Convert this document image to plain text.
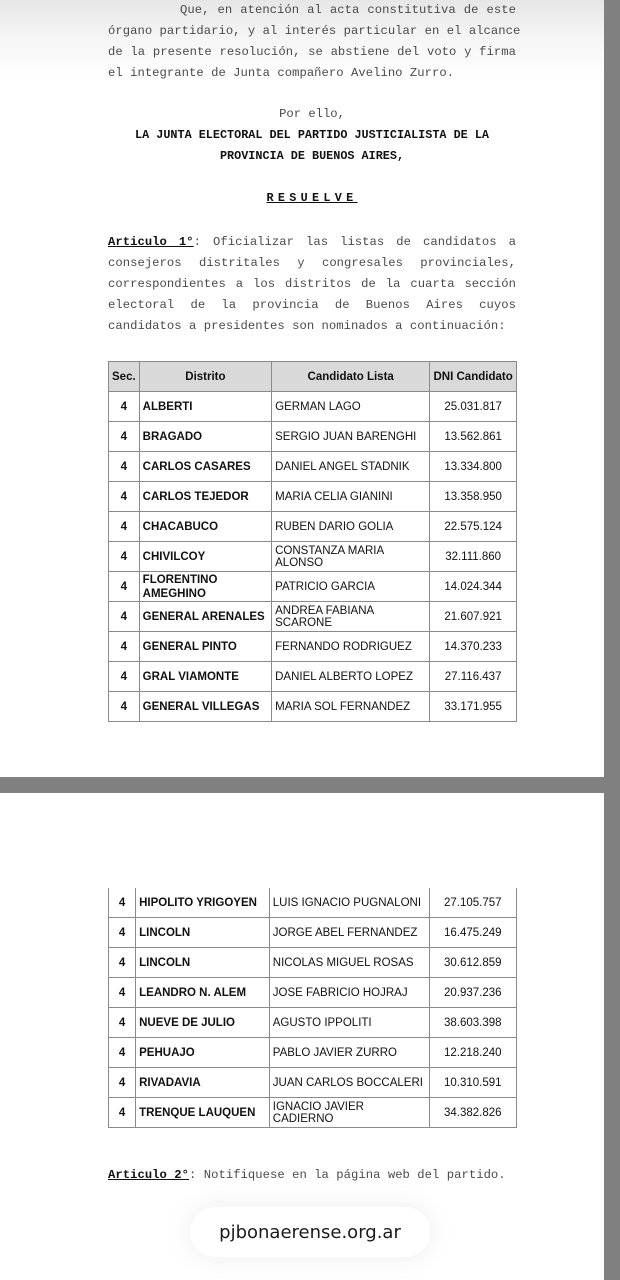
Que, en atención al acta constitutiva de este
órgano partidario, y al interés particular en el alcance
de la presente resolución, se abstiene del voto y firma
el integrante de Junta compañero Avelino Zurro.
Por ello,
LA JUNTA ELECTORAL DEL PARTIDO JUSTICIALISTA DE LA
PROVINCIA DE BUENOS AIRES,
RESUELVE
Articulo 1°: Oficializar las listas de candidatos a
consejeros distritales y congresales provinciales,
correspondientes a los distritos de la cuarta sección
electoral de la provincia de Buenos Aires cuyos
candidatos a presidentes son nominados a continuación:
Sec.	Distrito	Candidato Lista	DNI Candidato
4	ALBERTI	GERMAN LAGO	25.031.817
4	BRAGADO	SERGIO JUAN BARENGHI	13.562.861
4	CARLOS CASARES	DANIEL ANGEL STADNIK	13.334.800
4	CARLOS TEJEDOR	MARIA CELIA GIANINI	13.358.950
4	CHACABUCO	RUBEN DARIO GOLIA	22.575.124
4	CHIVILCOY	CONSTANZA MARIA ALONSO	32.111.860
4	FLORENTINO AMEGHINO	PATRICIO GARCIA	14.024.344
4	GENERAL ARENALES	ANDREA FABIANA SCARONE	21.607.921
4	GENERAL PINTO	FERNANDO RODRIGUEZ	14.370.233
4	GRAL VIAMONTE	DANIEL ALBERTO LOPEZ	27.116.437
4	GENERAL VILLEGAS	MARIA SOL FERNANDEZ	33.171.955
4	HIPOLITO YRIGOYEN	LUIS IGNACIO PUGNALONI	27.105.757
4	LINCOLN	JORGE ABEL FERNANDEZ	16.475.249
4	LINCOLN	NICOLAS MIGUEL ROSAS	30.612.859
4	LEANDRO N. ALEM	JOSE FABRICIO HOJRAJ	20.937.236
4	NUEVE DE JULIO	AGUSTO IPPOLITI	38.603.398
4	PEHUAJO	PABLO JAVIER ZURRO	12.218.240
4	RIVADAVIA	JUAN CARLOS BOCCALERI	10.310.591
4	TRENQUE LAUQUEN	IGNACIO JAVIER CADIERNO	34.382.826
Articulo 2°: Notifiquese en la página web del partido.
pjbonaerense.org.ar
